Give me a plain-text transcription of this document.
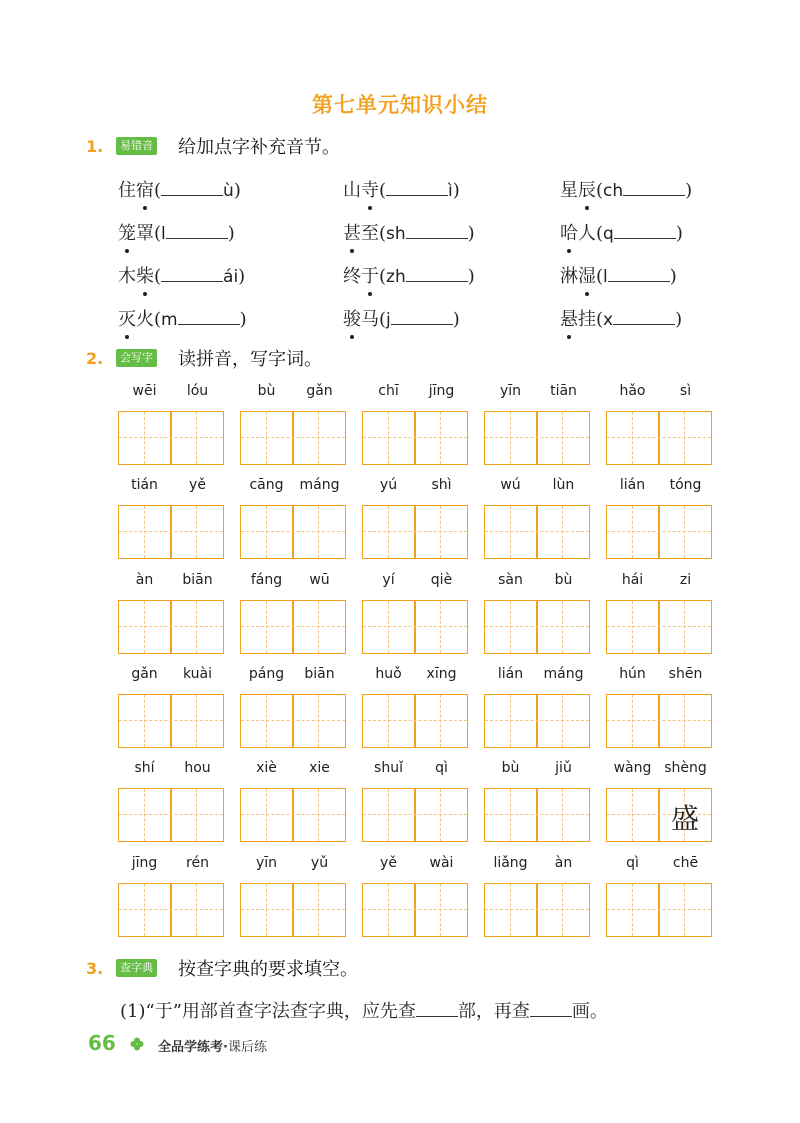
第七单元知识小结
1.	易错音 给加点字补充音节。
住宿(	ù)	山寺(	ì)	星辰(ch	)
笼罩(l	)	甚至(sh	)	哈人(q	)
木柴(	ái)	终于(zh	)	淋湿(l	)
灭火(m	)	骏马(j	)	悬挂(x	)
2.	会写字 读拼音，写字词。
wēi	lóu	bù	gǎn	chī	jīng	yīn	tiān	hǎo	sì
tián	yě	cāng	máng	yú	shì	wú	lùn	lián	tóng
àn	biān	fáng	wū	yí	qiè	sàn	bù	hái	zi
gǎn	kuài	páng	biān	huǒ	xīng	lián	máng	hún	shēn
shí	hou	xiè	xie	shuǐ	qì	bù	jiǔ	wàng shèng
盛
jīng	rén	yīn	yǔ	yě	wài	liǎng	àn	qì	chē
3.	查字典 按查字典的要求填空。
(1)“于”用部首查字法查字典，应先查 部，再查 画。
66	全品学练考·课后练
